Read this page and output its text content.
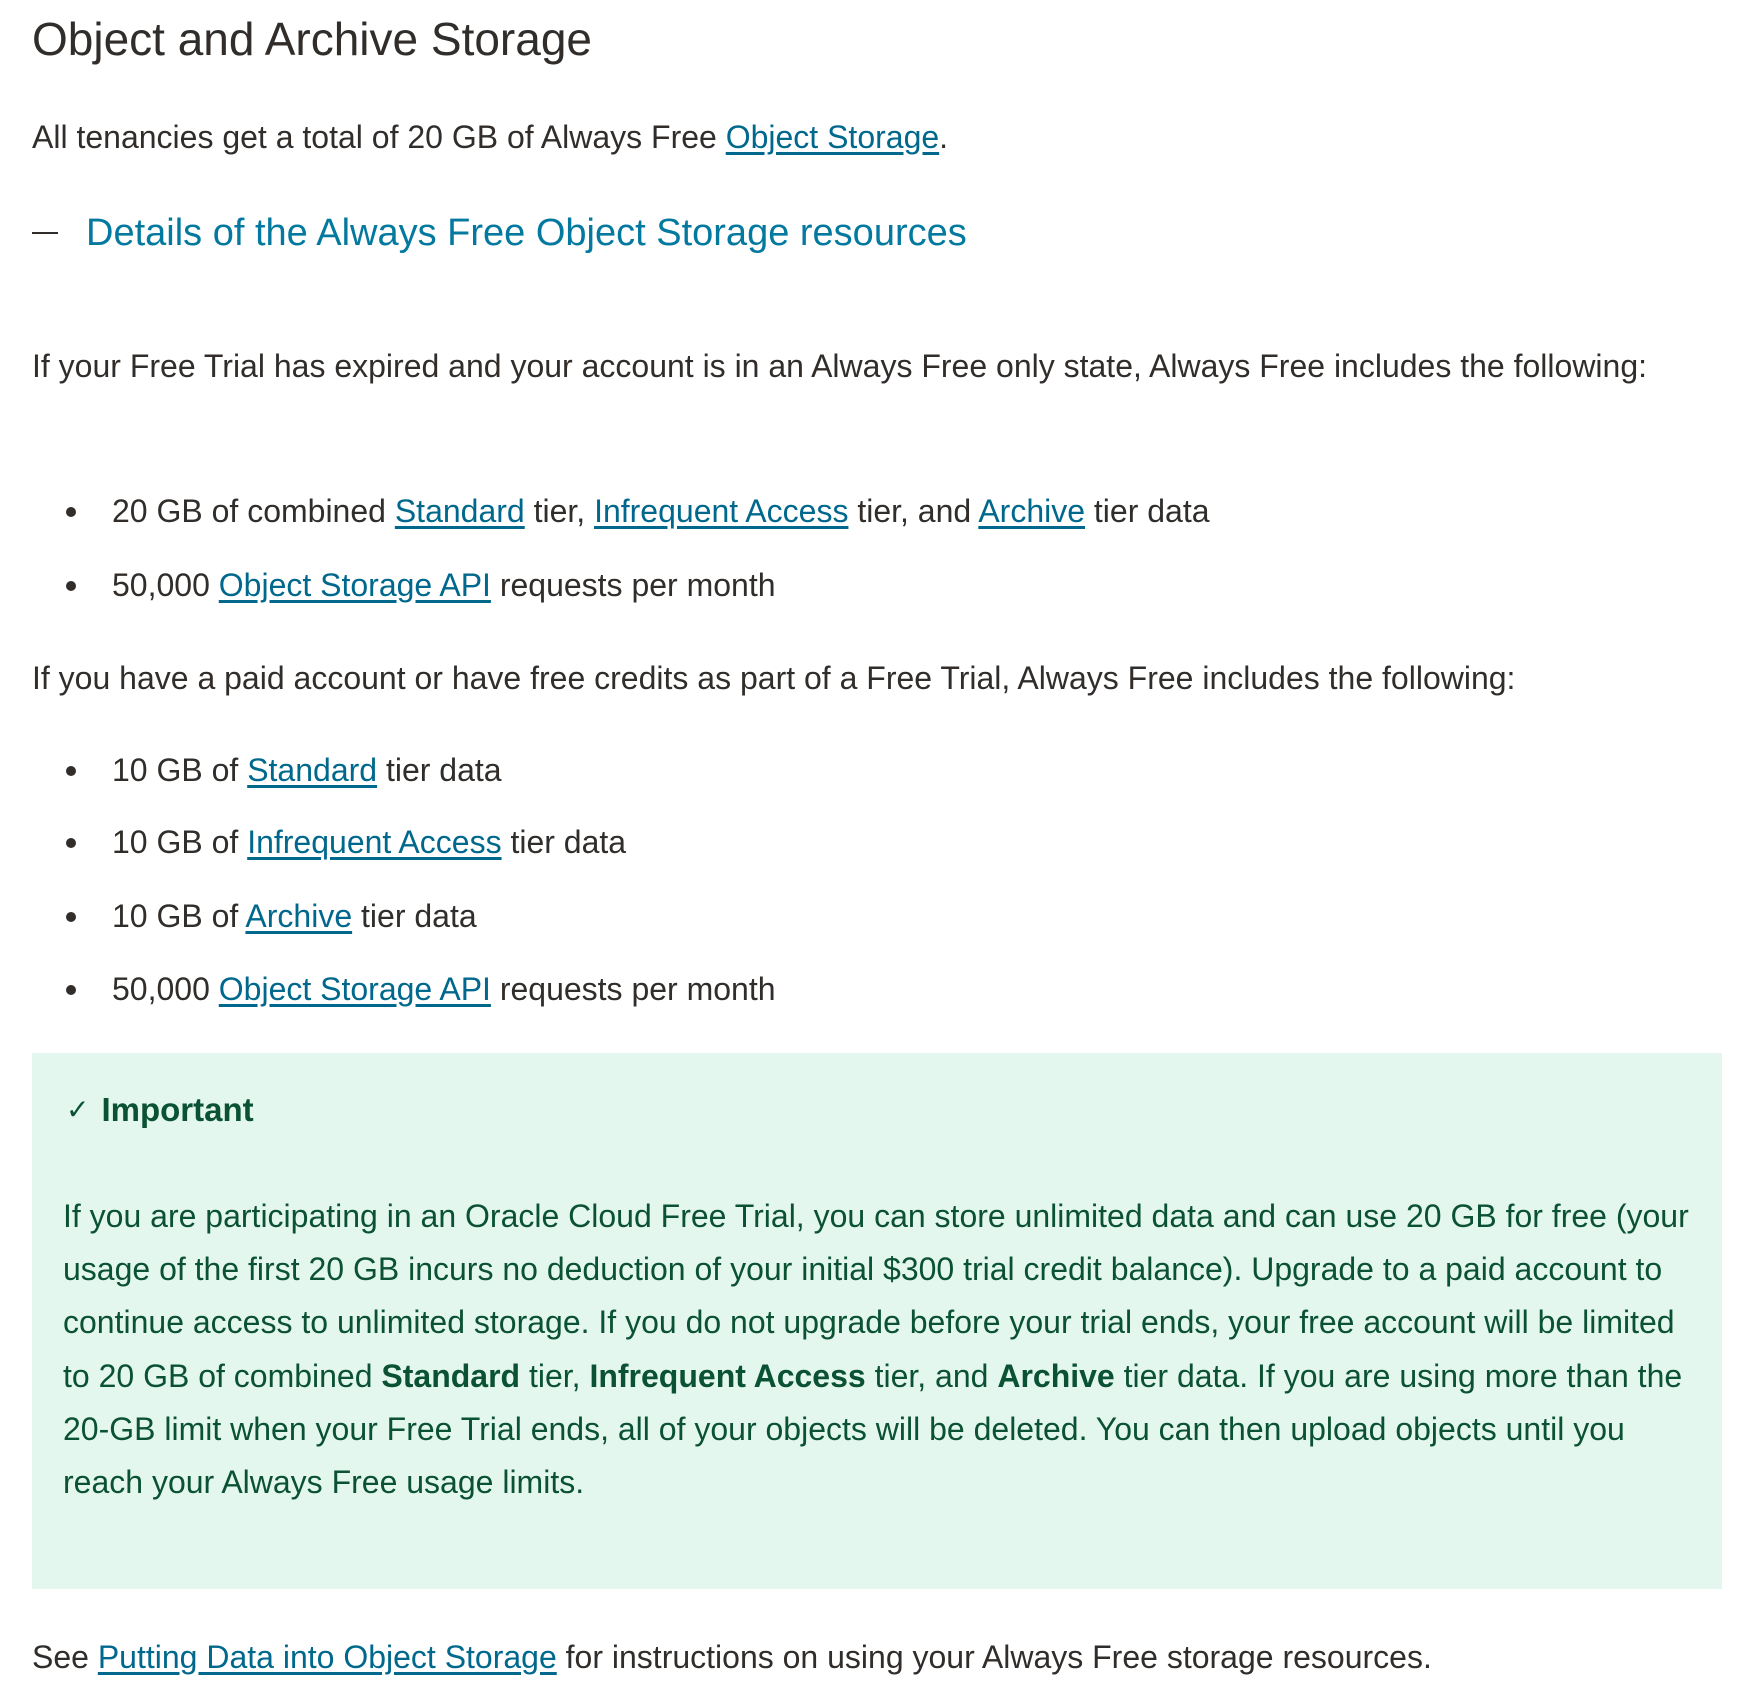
Object and Archive Storage

All tenancies get a total of 20 GB of Always Free Object Storage.

Details of the Always Free Object Storage resources

If your Free Trial has expired and your account is in an Always Free only state, Always Free includes the following:

20 GB of combined Standard tier, Infrequent Access tier, and Archive tier data
50,000 Object Storage API requests per month

If you have a paid account or have free credits as part of a Free Trial, Always Free includes the following:

10 GB of Standard tier data
10 GB of Infrequent Access tier data
10 GB of Archive tier data
50,000 Object Storage API requests per month
✓ Important

If you are participating in an Oracle Cloud Free Trial, you can store unlimited data and can use 20 GB for free (your usage of the first 20 GB incurs no deduction of your initial $300 trial credit balance). Upgrade to a paid account to continue access to unlimited storage. If you do not upgrade before your trial ends, your free account will be limited to 20 GB of combined Standard tier, Infrequent Access tier, and Archive tier data. If you are using more than the 20-GB limit when your Free Trial ends, all of your objects will be deleted. You can then upload objects until you reach your Always Free usage limits.

See Putting Data into Object Storage for instructions on using your Always Free storage resources.
